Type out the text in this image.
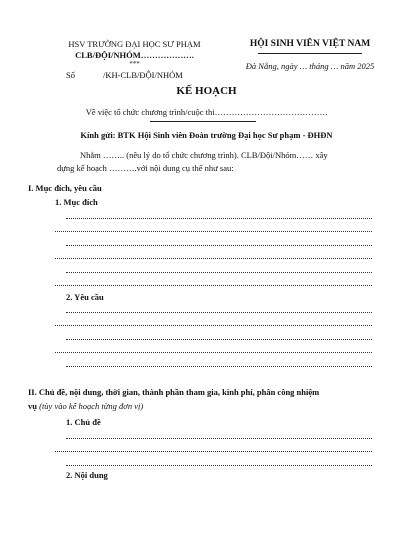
HSV TRƯỜNG ĐẠI HỌC SƯ PHẠM
CLB/ĐỘI/NHÓM……………….
***
Số	/KH-CLB/ĐỘI/NHÓM
HỘI SINH VIÊN VIỆT NAM
Đà Nẵng, ngày … tháng … năm 2025
KẾ HOẠCH
Về việc tổ chức chương trình/cuộc thi………………………………….
Kính gửi: BTK Hội Sinh viên Đoàn trường Đại học Sư phạm - ĐHĐN
Nhằm …….. (nêu lý do tổ chức chương trình). CLB/Đội/Nhóm…… xây
dựng kế hoạch ……….với nội dung cụ thể như sau:
I. Mục đích, yêu cầu
1. Mục đích
2. Yêu cầu
II. Chủ đề, nội dung, thời gian, thành phần tham gia, kinh phí, phân công nhiệm
vụ (tùy vào kế hoạch từng đơn vị)
1. Chủ đề
2. Nội dung
